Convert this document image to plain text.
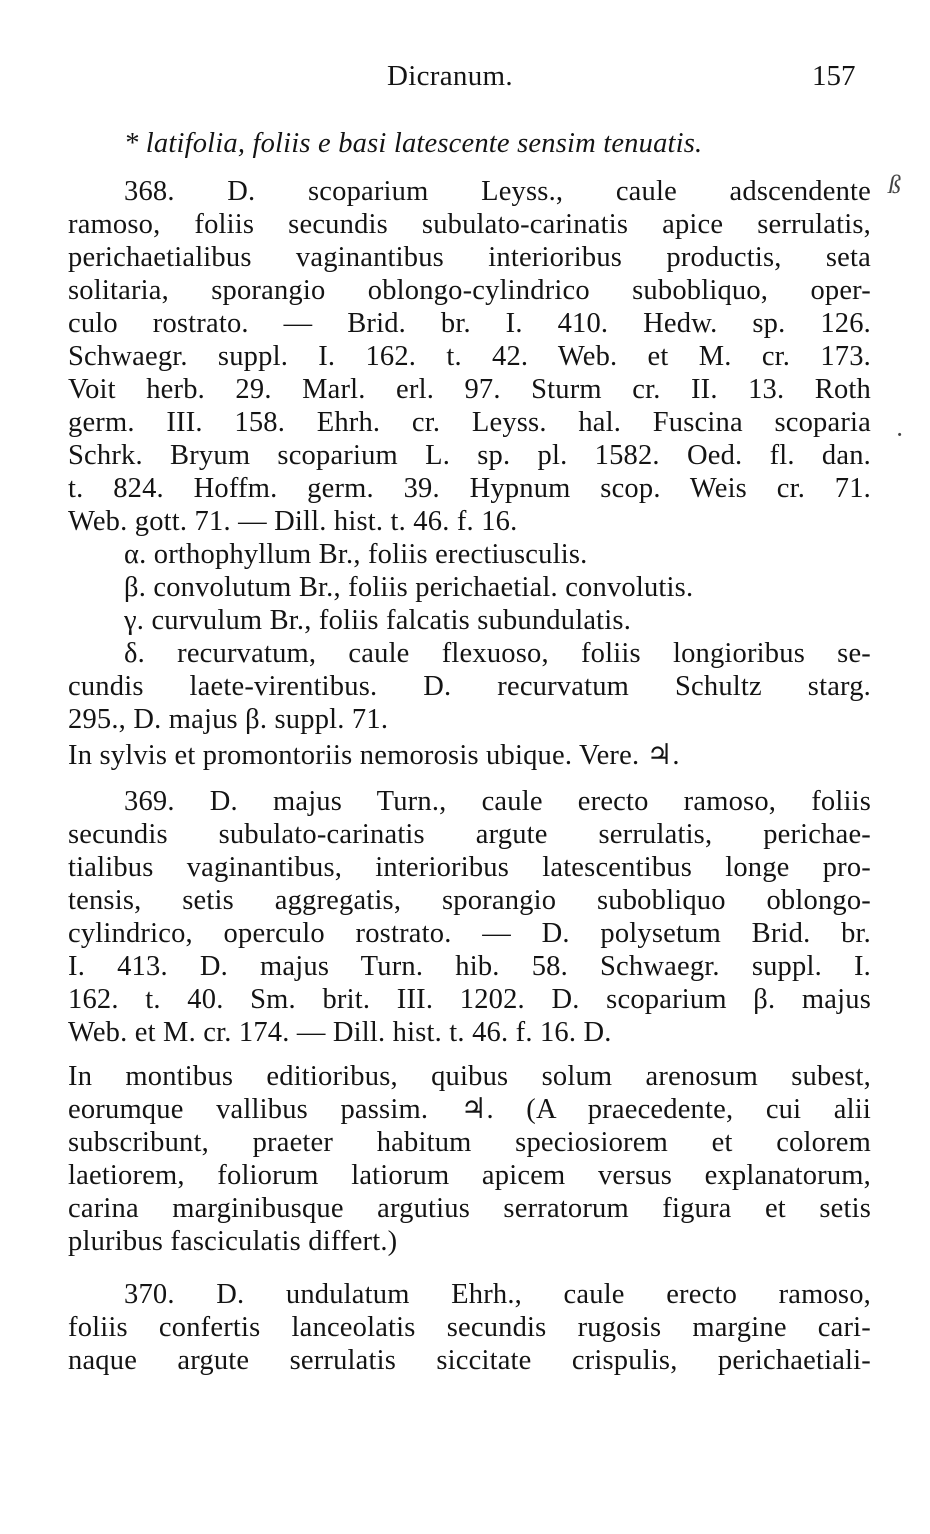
Dicranum.	157
* latifolia, foliis e basi latescente sensim tenuatis.
368. D. scoparium Leyss., caule adscendente
ramoso, foliis secundis subulato-carinatis apice serrulatis,
perichaetialibus vaginantibus interioribus productis, seta
solitaria, sporangio oblongo-cylindrico subobliquo, oper-
culo rostrato. — Brid. br. I. 410. Hedw. sp. 126.
Schwaegr. suppl. I. 162. t. 42. Web. et M. cr. 173.
Voit herb. 29. Marl. erl. 97. Sturm cr. II. 13. Roth
germ. III. 158. Ehrh. cr. Leyss. hal. Fuscina scoparia
Schrk. Bryum scoparium L. sp. pl. 1582. Oed. fl. dan.
t. 824. Hoffm. germ. 39. Hypnum scop. Weis cr. 71.
Web. gott. 71. — Dill. hist. t. 46. f. 16.
α. orthophyllum Br., foliis erectiusculis.
β. convolutum Br., foliis perichaetial. convolutis.
γ. curvulum Br., foliis falcatis subundulatis.
δ. recurvatum, caule flexuoso, foliis longioribus se-
cundis laete-virentibus. D. recurvatum Schultz starg.
295., D. majus β. suppl. 71.
In sylvis et promontoriis nemorosis ubique. Vere. ♃.
369. D. majus Turn., caule erecto ramoso, foliis
secundis subulato-carinatis argute serrulatis, perichae-
tialibus vaginantibus, interioribus latescentibus longe pro-
tensis, setis aggregatis, sporangio subobliquo oblongo-
cylindrico, operculo rostrato. — D. polysetum Brid. br.
I. 413. D. majus Turn. hib. 58. Schwaegr. suppl. I.
162. t. 40. Sm. brit. III. 1202. D. scoparium β. majus
Web. et M. cr. 174. — Dill. hist. t. 46. f. 16. D.
In montibus editioribus, quibus solum arenosum subest,
eorumque vallibus passim. ♃. (A praecedente, cui alii
subscribunt, praeter habitum speciosiorem et colorem
laetiorem, foliorum latiorum apicem versus explanatorum,
carina marginibusque argutius serratorum figura et setis
pluribus fasciculatis differt.)
370. D. undulatum Ehrh., caule erecto ramoso,
foliis confertis lanceolatis secundis rugosis margine cari-
naque argute serrulatis siccitate crispulis, perichaetiali-
ß
·
